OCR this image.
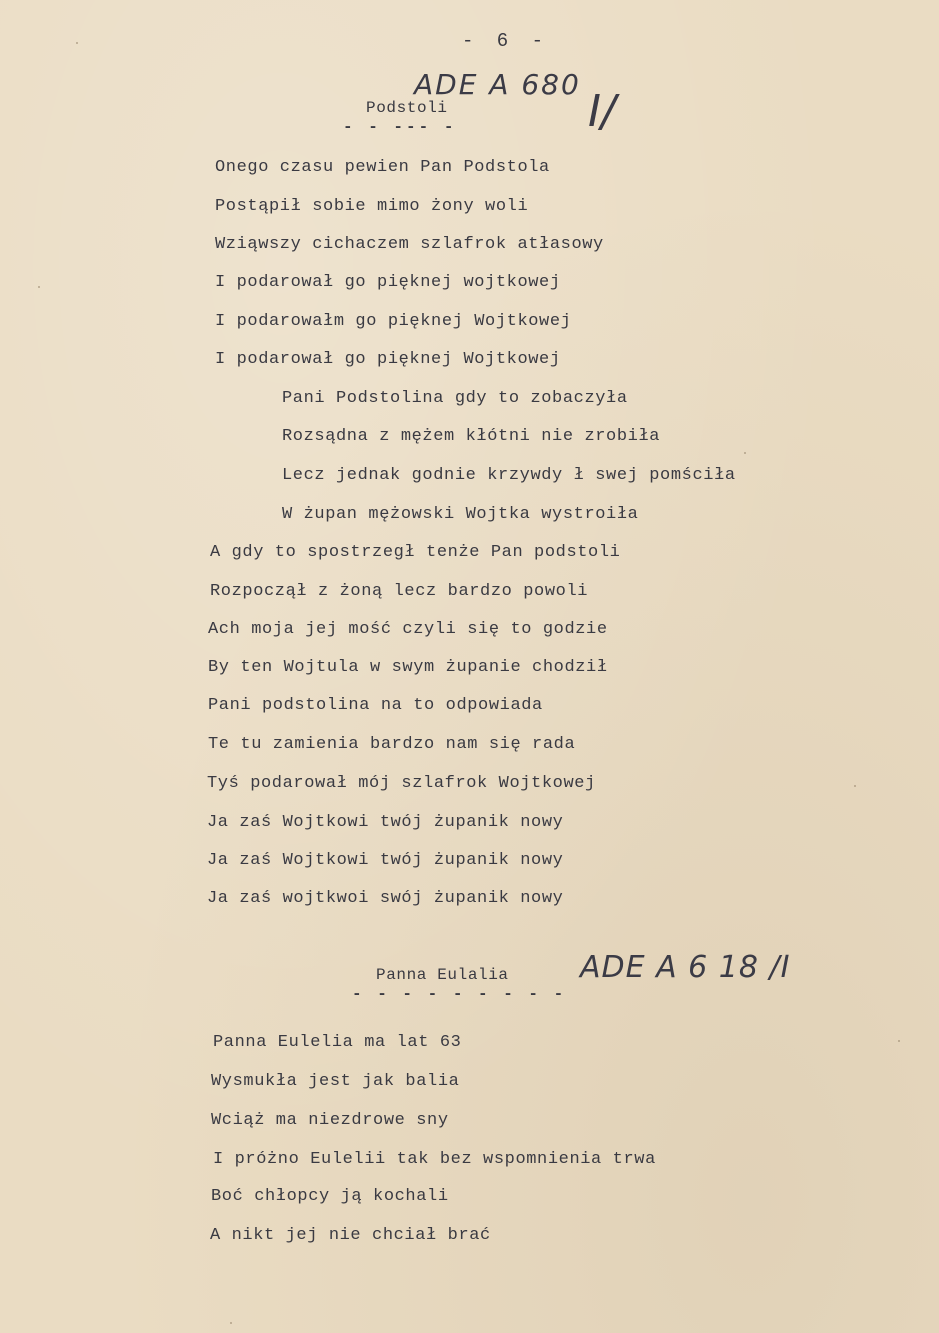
- 6 -
Podstoli
- - --- -
ADE A 680
I/
Onego czasu pewien Pan Podstola
Postąpił sobie mimo żony woli
Wziąwszy cichaczem szlafrok atłasowy
I podarował go pięknej wojtkowej
I podarowałm go pięknej Wojtkowej
I podarował go pięknej Wojtkowej
Pani Podstolina gdy to zobaczyła
Rozsądna z mężem kłótni nie zrobiła
Lecz jednak godnie krzywdy ł swej pomściła
W żupan mężowski Wojtka wystroiła
A gdy to spostrzegł tenże Pan podstoli
Rozpoczął z żoną lecz bardzo powoli
Ach moja jej mość czyli się to godzie
By ten Wojtula w swym żupanie chodził
Pani podstolina na to odpowiada
Te tu zamienia bardzo nam się rada
Tyś podarował mój szlafrok Wojtkowej
Ja zaś Wojtkowi twój żupanik nowy
Ja zaś Wojtkowi twój żupanik nowy
Ja zaś wojtkwoi swój żupanik nowy
Panna Eulalia
- - - - - - - - -
ADE A 6 18 /I
Panna Eulelia ma lat 63
Wysmukła jest jak balia
Wciąż ma niezdrowe sny
I próżno Eulelii tak bez wspomnienia trwa
Boć chłopcy ją kochali
A nikt jej nie chciał brać
